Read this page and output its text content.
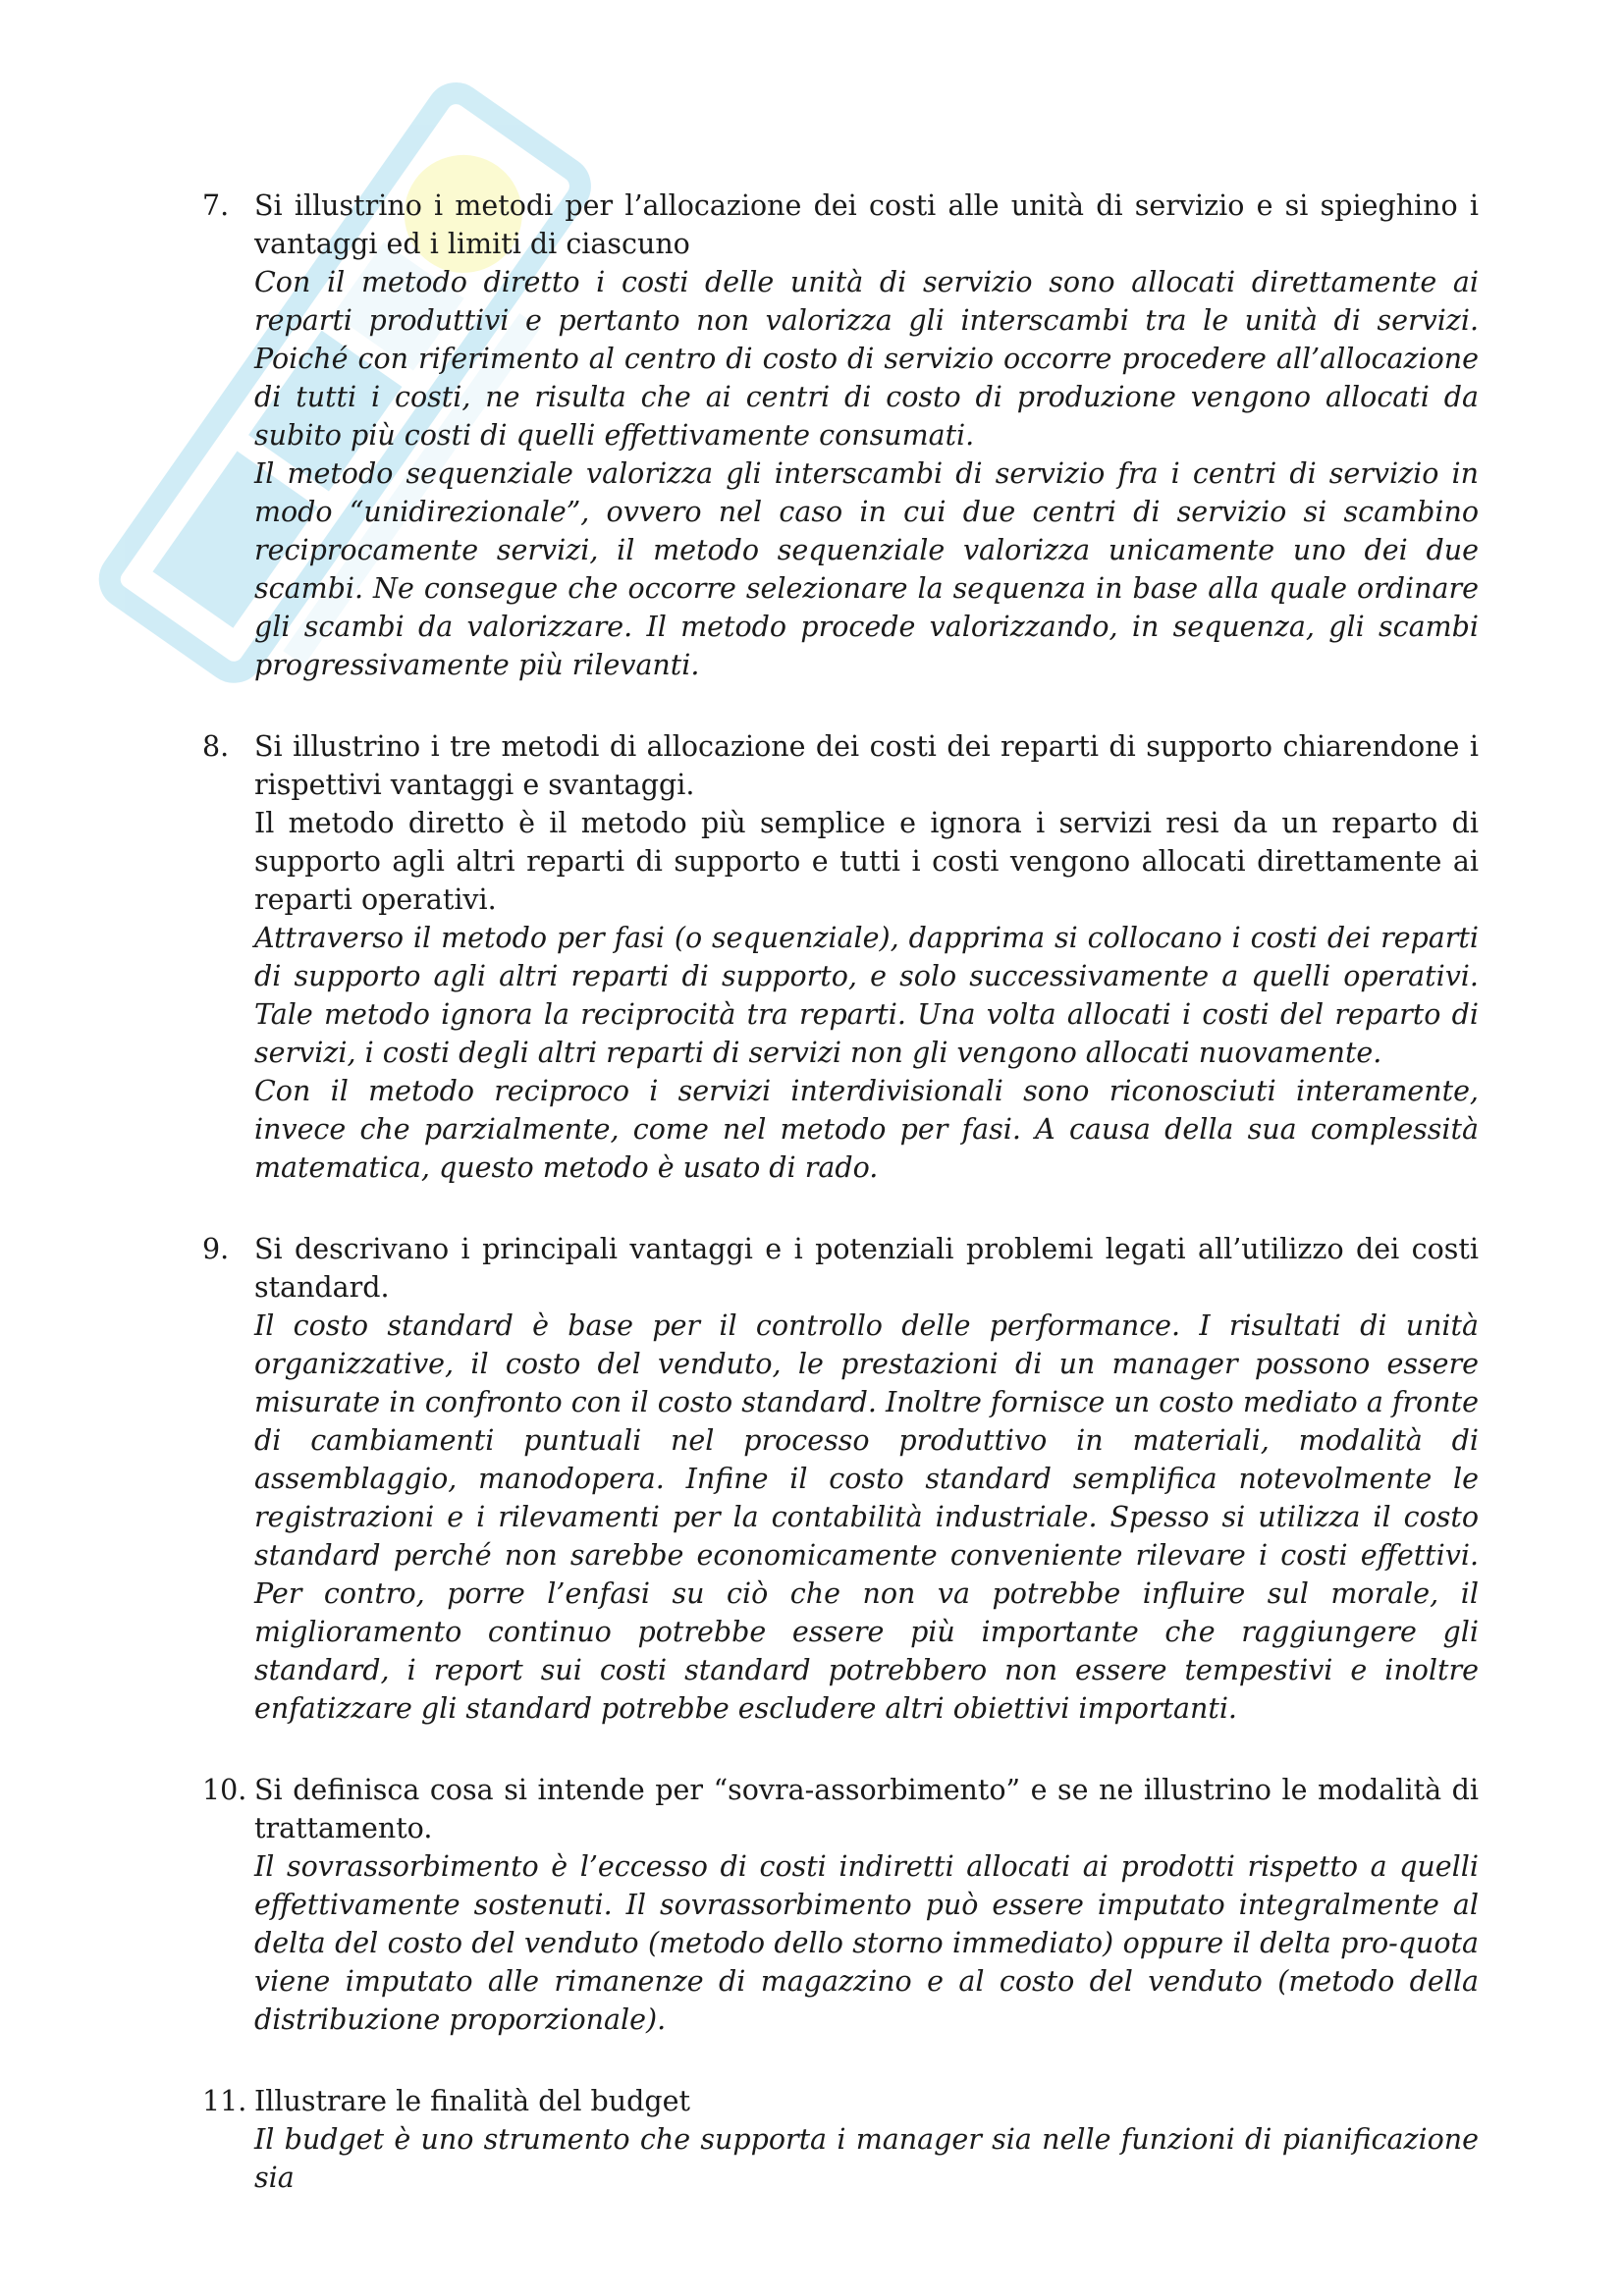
7. Si illustrino i metodi per l’allocazione dei costi alle unità di servizio e si spieghino i vantaggi ed i limiti di ciascuno

Con il metodo diretto i costi delle unità di servizio sono allocati direttamente ai reparti produttivi e pertanto non valorizza gli interscambi tra le unità di servizi. Poiché con riferimento al centro di costo di servizio occorre procedere all’allocazione di tutti i costi, ne risulta che ai centri di costo di produzione vengono allocati da subito più costi di quelli effettivamente consumati.

Il metodo sequenziale valorizza gli interscambi di servizio fra i centri di servizio in modo “unidirezionale”, ovvero nel caso in cui due centri di servizio si scambino reciprocamente servizi, il metodo sequenziale valorizza unicamente uno dei due scambi. Ne consegue che occorre selezionare la sequenza in base alla quale ordinare gli scambi da valorizzare. Il metodo procede valorizzando, in sequenza, gli scambi progressivamente più rilevanti.

8. Si illustrino i tre metodi di allocazione dei costi dei reparti di supporto chiarendone i rispettivi vantaggi e svantaggi.

Il metodo diretto è il metodo più semplice e ignora i servizi resi da un reparto di supporto agli altri reparti di supporto e tutti i costi vengono allocati direttamente ai reparti operativi.

Attraverso il metodo per fasi (o sequenziale), dapprima si collocano i costi dei reparti di supporto agli altri reparti di supporto, e solo successivamente a quelli operativi. Tale metodo ignora la reciprocità tra reparti. Una volta allocati i costi del reparto di servizi, i costi degli altri reparti di servizi non gli vengono allocati nuovamente.

Con il metodo reciproco i servizi interdivisionali sono riconosciuti interamente, invece che parzialmente, come nel metodo per fasi. A causa della sua complessità matematica, questo metodo è usato di rado.

9. Si descrivano i principali vantaggi e i potenziali problemi legati all’utilizzo dei costi standard.

Il costo standard è base per il controllo delle performance. I risultati di unità organizzative, il costo del venduto, le prestazioni di un manager possono essere misurate in confronto con il costo standard. Inoltre fornisce un costo mediato a fronte di cambiamenti puntuali nel processo produttivo in materiali, modalità di assemblaggio, manodopera. Infine il costo standard semplifica notevolmente le registrazioni e i rilevamenti per la contabilità industriale. Spesso si utilizza il costo standard perché non sarebbe economicamente conveniente rilevare i costi effettivi. Per contro, porre l’enfasi su ciò che non va potrebbe influire sul morale, il miglioramento continuo potrebbe essere più importante che raggiungere gli standard, i report sui costi standard potrebbero non essere tempestivi e inoltre enfatizzare gli standard potrebbe escludere altri obiettivi importanti.

10. Si definisca cosa si intende per “sovra-assorbimento” e se ne illustrino le modalità di trattamento.

Il sovrassorbimento è l’eccesso di costi indiretti allocati ai prodotti rispetto a quelli effettivamente sostenuti. Il sovrassorbimento può essere imputato integralmente al delta del costo del venduto (metodo dello storno immediato) oppure il delta pro-quota viene imputato alle rimanenze di magazzino e al costo del venduto (metodo della distribuzione proporzionale).

11. Illustrare le finalità del budget

Il budget è uno strumento che supporta i manager sia nelle funzioni di pianificazione sia
